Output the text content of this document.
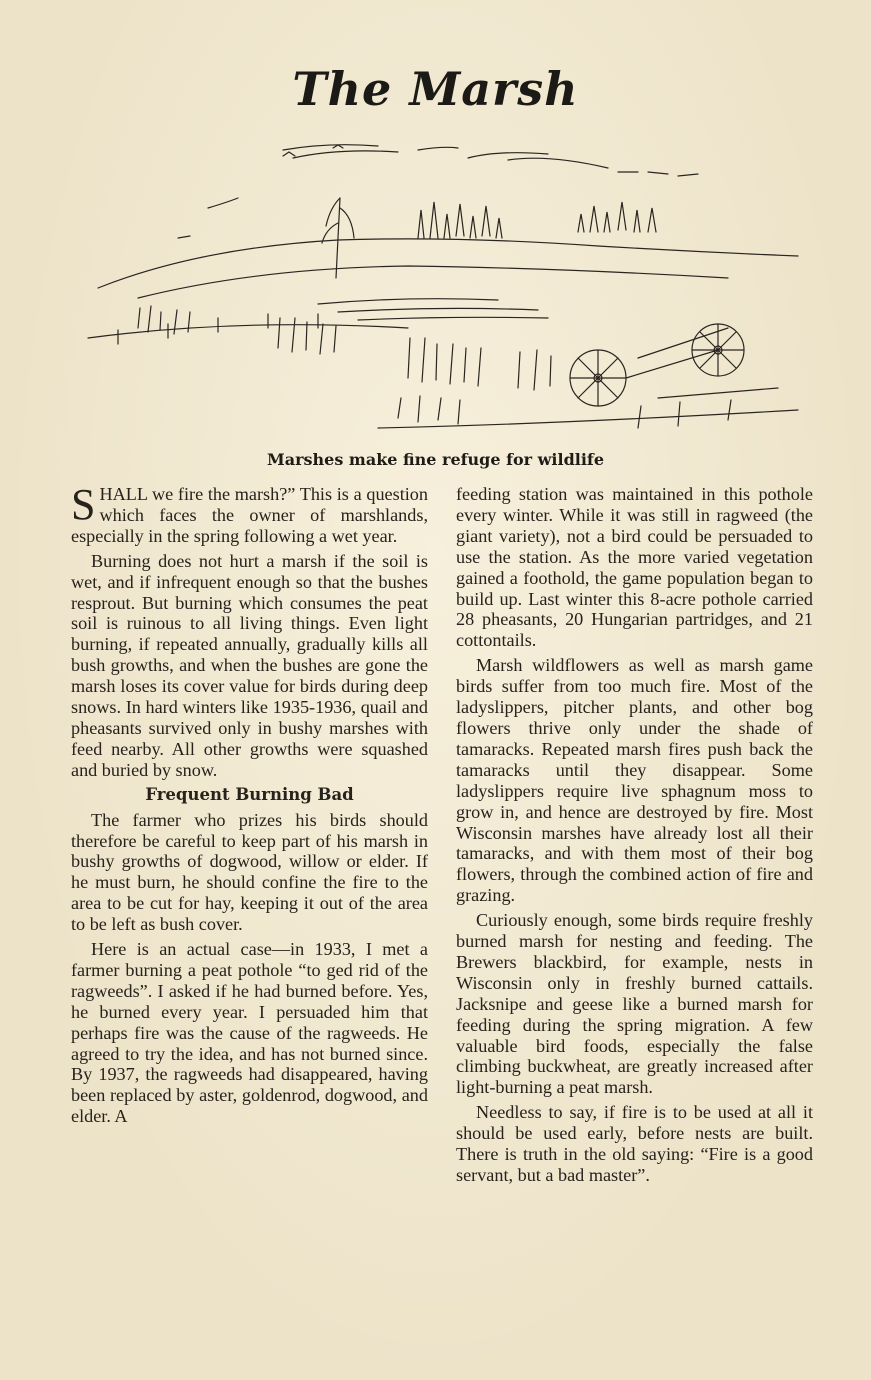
The Marsh
Marshes make fine refuge for wildlife

SHALL we fire the marsh?” This is a question which faces the owner of marshlands, especially in the spring following a wet year.

Burning does not hurt a marsh if the soil is wet, and if infrequent enough so that the bushes resprout. But burning which consumes the peat soil is ruinous to all living things. Even light burning, if repeated annually, gradually kills all bush growths, and when the bushes are gone the marsh loses its cover value for birds during deep snows. In hard winters like 1935-1936, quail and pheasants survived only in bushy marshes with feed nearby. All other growths were squashed and buried by snow.

Frequent Burning Bad

The farmer who prizes his birds should therefore be careful to keep part of his marsh in bushy growths of dogwood, willow or elder. If he must burn, he should confine the fire to the area to be cut for hay, keeping it out of the area to be left as bush cover.

Here is an actual case—in 1933, I met a farmer burning a peat pothole “to ged rid of the ragweeds”. I asked if he had burned before. Yes, he burned every year. I persuaded him that perhaps fire was the cause of the ragweeds. He agreed to try the idea, and has not burned since. By 1937, the ragweeds had disappeared, having been replaced by aster, goldenrod, dogwood, and elder. A

feeding station was maintained in this pothole every winter. While it was still in ragweed (the giant variety), not a bird could be persuaded to use the station. As the more varied vegetation gained a foothold, the game population began to build up. Last winter this 8-acre pothole carried 28 pheasants, 20 Hungarian partridges, and 21 cottontails.

Marsh wildflowers as well as marsh game birds suffer from too much fire. Most of the ladyslippers, pitcher plants, and other bog flowers thrive only under the shade of tamaracks. Repeated marsh fires push back the tamaracks until they disappear. Some ladyslippers require live sphagnum moss to grow in, and hence are destroyed by fire. Most Wisconsin marshes have already lost all their tamaracks, and with them most of their bog flowers, through the combined action of fire and grazing.

Curiously enough, some birds require freshly burned marsh for nesting and feeding. The Brewers blackbird, for example, nests in Wisconsin only in freshly burned cattails. Jacksnipe and geese like a burned marsh for feeding during the spring migration. A few valuable bird foods, especially the false climbing buckwheat, are greatly increased after light-burning a peat marsh.

Needless to say, if fire is to be used at all it should be used early, before nests are built. There is truth in the old saying: “Fire is a good servant, but a bad master”.
